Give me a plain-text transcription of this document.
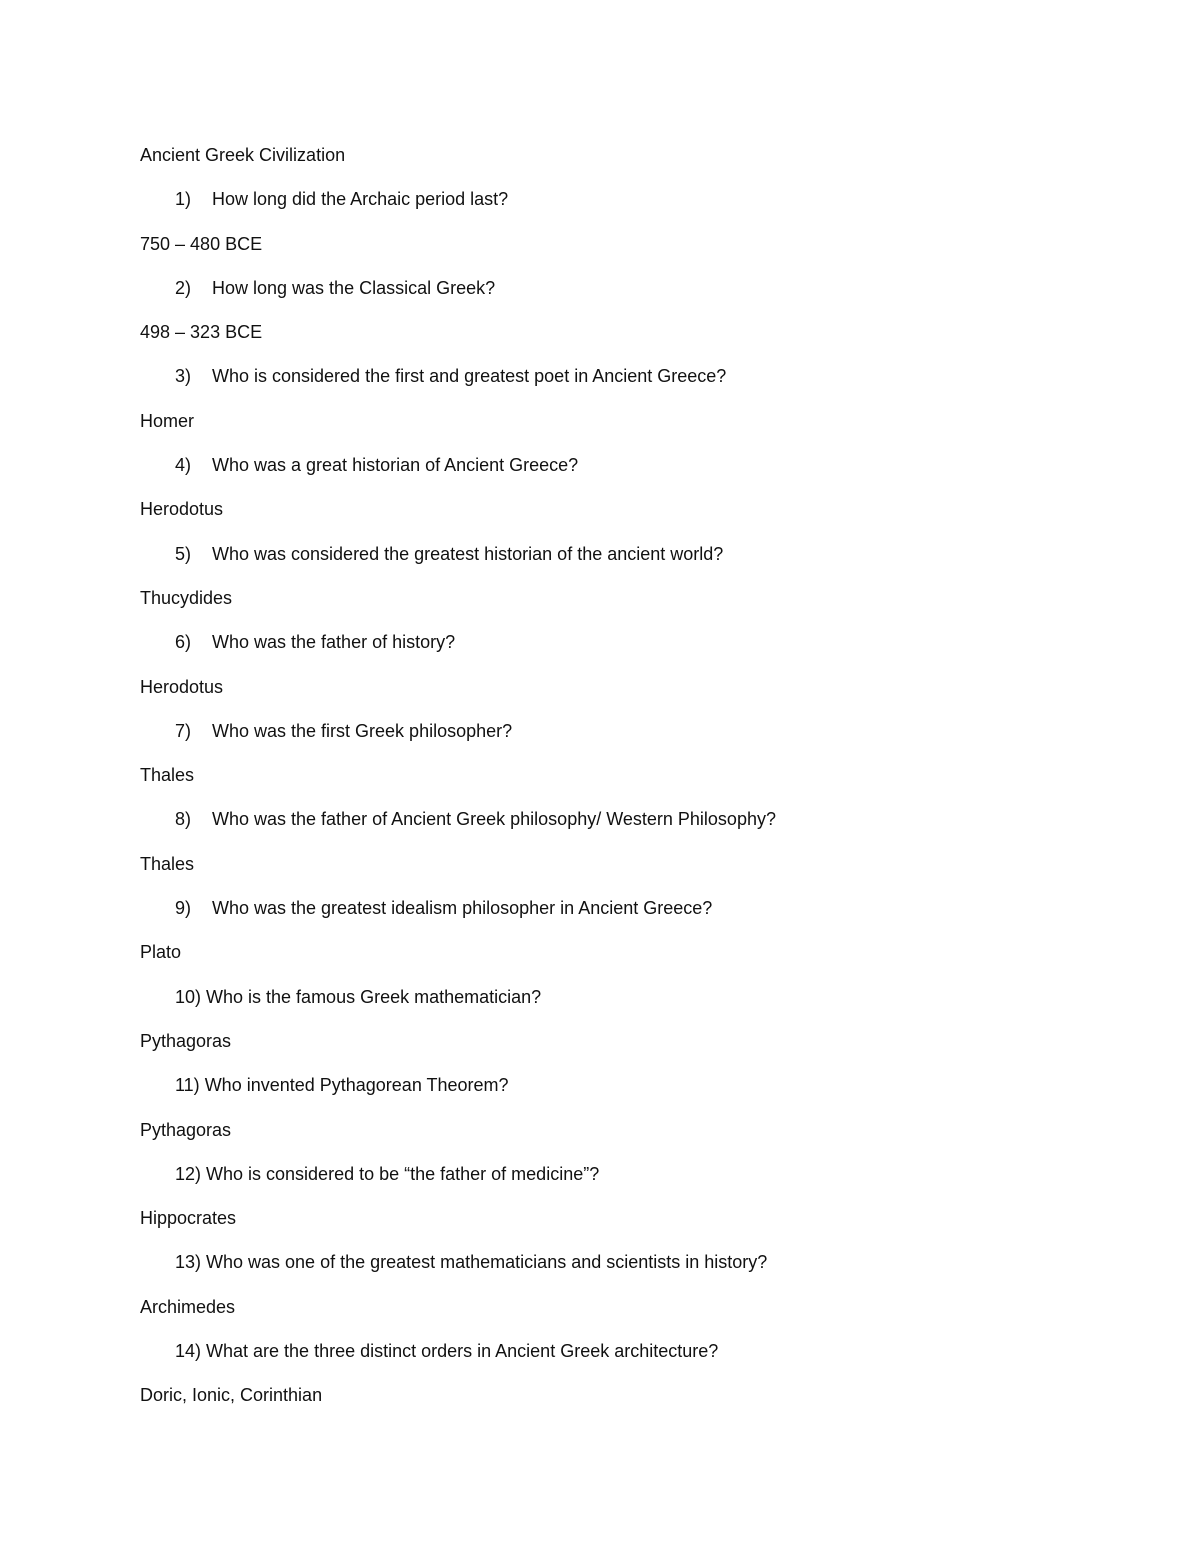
Ancient Greek Civilization
1)	How long did the Archaic period last?
750 – 480 BCE
2)	How long was the Classical Greek?
498 – 323 BCE
3)	Who is considered the first and greatest poet in Ancient Greece?
Homer
4)	Who was a great historian of Ancient Greece?
Herodotus
5)	Who was considered the greatest historian of the ancient world?
Thucydides
6)	Who was the father of history?
Herodotus
7)	Who was the first Greek philosopher?
Thales
8)	Who was the father of Ancient Greek philosophy/ Western Philosophy?
Thales
9)	Who was the greatest idealism philosopher in Ancient Greece?
Plato
10) Who is the famous Greek mathematician?
Pythagoras
11) Who invented Pythagorean Theorem?
Pythagoras
12) Who is considered to be “the father of medicine”?
Hippocrates
13) Who was one of the greatest mathematicians and scientists in history?
Archimedes
14) What are the three distinct orders in Ancient Greek architecture?
Doric, Ionic, Corinthian
